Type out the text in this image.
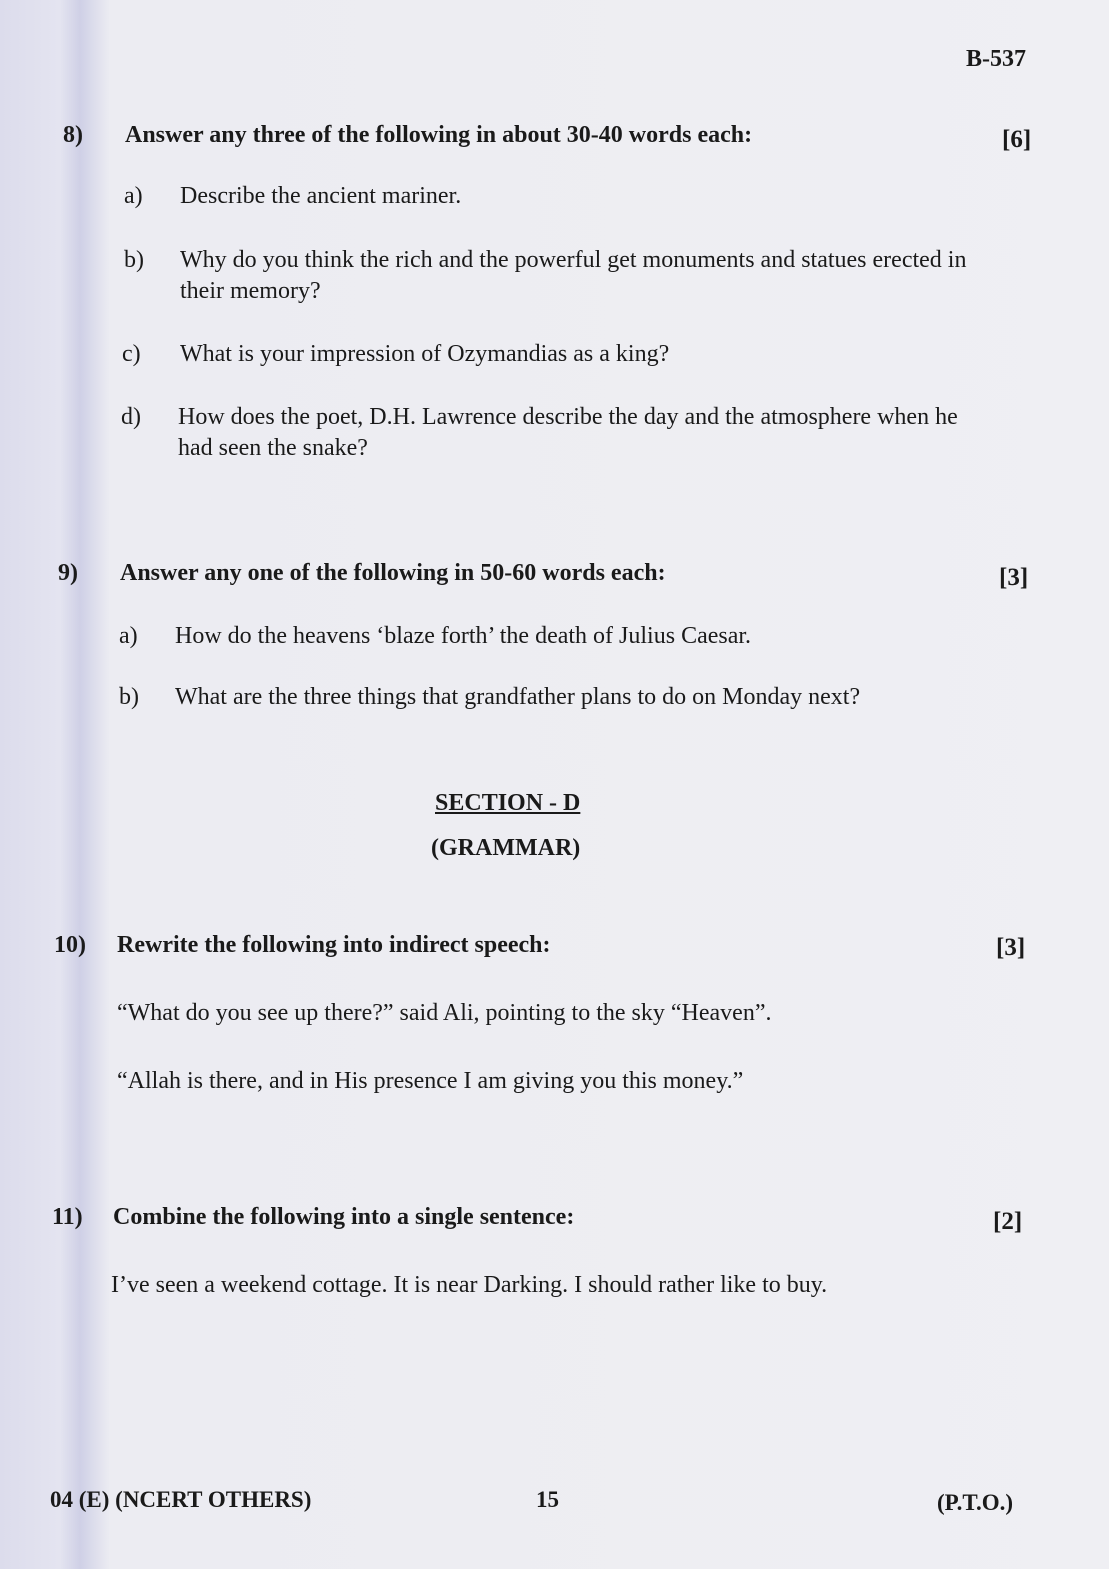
B-537
8) Answer any three of the following in about 30-40 words each:	[6]
a) Describe the ancient mariner.
b) Why do you think the rich and the powerful get monuments and statues erected in their memory?
c) What is your impression of Ozymandias as a king?
d) How does the poet, D.H. Lawrence describe the day and the atmosphere when he had seen the snake?
9) Answer any one of the following in 50-60 words each:	[3]
a) How do the heavens ‘blaze forth’ the death of Julius Caesar.
b) What are the three things that grandfather plans to do on Monday next?
SECTION - D
(GRAMMAR)
10) Rewrite the following into indirect speech:	[3]
“What do you see up there?” said Ali, pointing to the sky “Heaven”.
“Allah is there, and in His presence I am giving you this money.”
11) Combine the following into a single sentence:	[2]
I’ve seen a weekend cottage. It is near Darking. I should rather like to buy.
04 (E) (NCERT OTHERS)	15	(P.T.O.)
